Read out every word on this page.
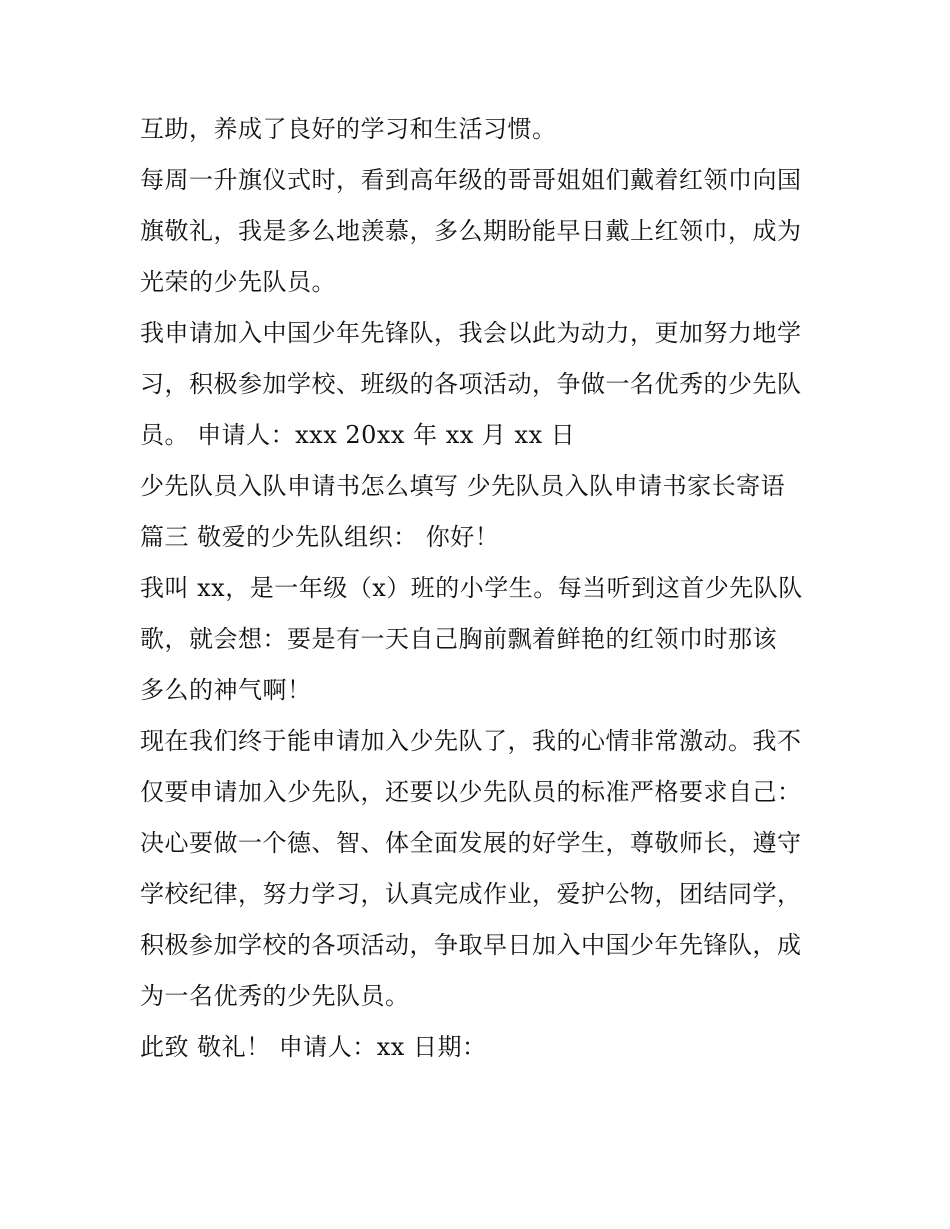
互助，养成了良好的学习和生活习惯。
每周一升旗仪式时，看到高年级的哥哥姐姐们戴着红领巾向国
旗敬礼，我是多么地羡慕，多么期盼能早日戴上红领巾，成为
光荣的少先队员。
我申请加入中国少年先锋队，我会以此为动力，更加努力地学
习，积极参加学校、班级的各项活动，争做一名优秀的少先队
员。 申请人：xxx 20xx 年 xx 月 xx 日
少先队员入队申请书怎么填写 少先队员入队申请书家长寄语
篇三 敬爱的少先队组织： 你好！
我叫 xx，是一年级（x）班的小学生。每当听到这首少先队队
歌，就会想：要是有一天自己胸前飘着鲜艳的红领巾时那该
多么的神气啊！
现在我们终于能申请加入少先队了，我的心情非常激动。我不
仅要申请加入少先队，还要以少先队员的标准严格要求自己：
决心要做一个德、智、体全面发展的好学生，尊敬师长，遵守
学校纪律，努力学习，认真完成作业，爱护公物，团结同学，
积极参加学校的各项活动，争取早日加入中国少年先锋队，成
为一名优秀的少先队员。
此致 敬礼！ 申请人：xx 日期：
